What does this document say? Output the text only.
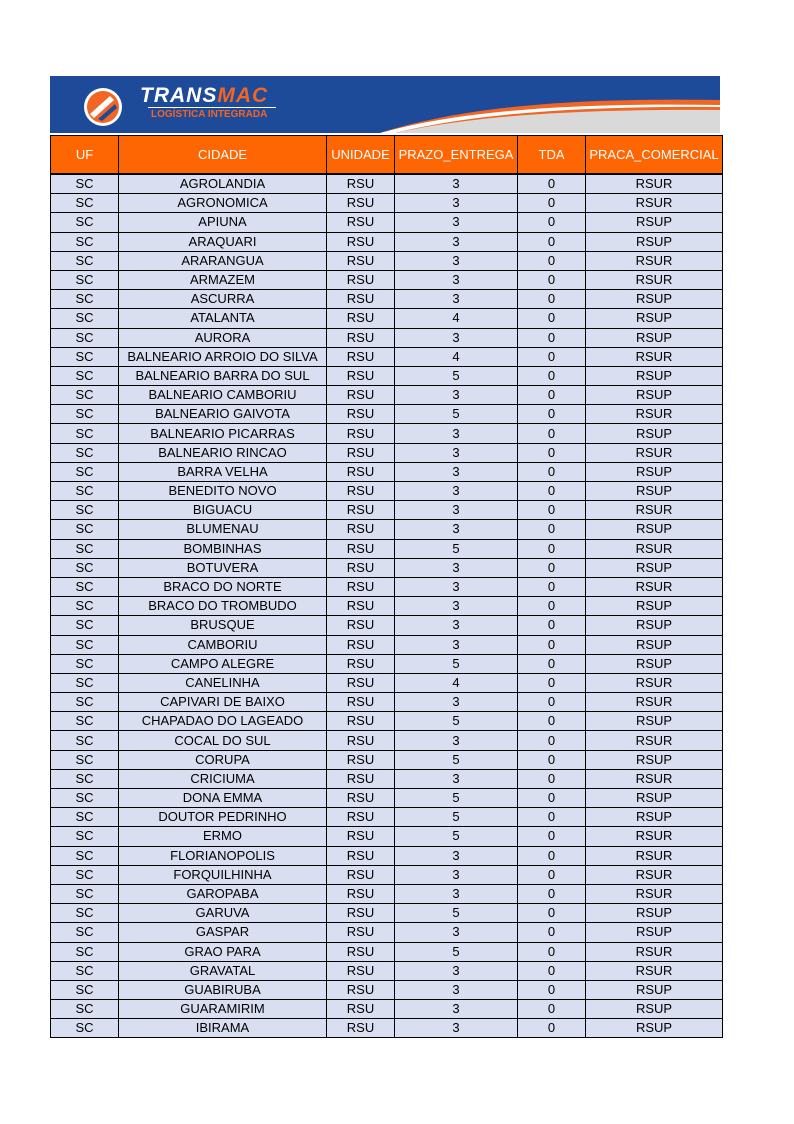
TRANSMAC
LOGÍSTICA INTEGRADA
UF	CIDADE	UNIDADE	PRAZO_ENTREGA	TDA	PRACA_COMERCIAL
SC	AGROLANDIA	RSU	3	0	RSUR
SC	AGRONOMICA	RSU	3	0	RSUR
SC	APIUNA	RSU	3	0	RSUP
SC	ARAQUARI	RSU	3	0	RSUP
SC	ARARANGUA	RSU	3	0	RSUR
SC	ARMAZEM	RSU	3	0	RSUR
SC	ASCURRA	RSU	3	0	RSUP
SC	ATALANTA	RSU	4	0	RSUP
SC	AURORA	RSU	3	0	RSUP
SC	BALNEARIO ARROIO DO SILVA	RSU	4	0	RSUR
SC	BALNEARIO BARRA DO SUL	RSU	5	0	RSUP
SC	BALNEARIO CAMBORIU	RSU	3	0	RSUP
SC	BALNEARIO GAIVOTA	RSU	5	0	RSUR
SC	BALNEARIO PICARRAS	RSU	3	0	RSUP
SC	BALNEARIO RINCAO	RSU	3	0	RSUR
SC	BARRA VELHA	RSU	3	0	RSUP
SC	BENEDITO NOVO	RSU	3	0	RSUP
SC	BIGUACU	RSU	3	0	RSUR
SC	BLUMENAU	RSU	3	0	RSUP
SC	BOMBINHAS	RSU	5	0	RSUR
SC	BOTUVERA	RSU	3	0	RSUP
SC	BRACO DO NORTE	RSU	3	0	RSUR
SC	BRACO DO TROMBUDO	RSU	3	0	RSUP
SC	BRUSQUE	RSU	3	0	RSUP
SC	CAMBORIU	RSU	3	0	RSUP
SC	CAMPO ALEGRE	RSU	5	0	RSUP
SC	CANELINHA	RSU	4	0	RSUR
SC	CAPIVARI DE BAIXO	RSU	3	0	RSUR
SC	CHAPADAO DO LAGEADO	RSU	5	0	RSUP
SC	COCAL DO SUL	RSU	3	0	RSUR
SC	CORUPA	RSU	5	0	RSUP
SC	CRICIUMA	RSU	3	0	RSUR
SC	DONA EMMA	RSU	5	0	RSUP
SC	DOUTOR PEDRINHO	RSU	5	0	RSUP
SC	ERMO	RSU	5	0	RSUR
SC	FLORIANOPOLIS	RSU	3	0	RSUR
SC	FORQUILHINHA	RSU	3	0	RSUR
SC	GAROPABA	RSU	3	0	RSUR
SC	GARUVA	RSU	5	0	RSUP
SC	GASPAR	RSU	3	0	RSUP
SC	GRAO PARA	RSU	5	0	RSUR
SC	GRAVATAL	RSU	3	0	RSUR
SC	GUABIRUBA	RSU	3	0	RSUP
SC	GUARAMIRIM	RSU	3	0	RSUP
SC	IBIRAMA	RSU	3	0	RSUP
